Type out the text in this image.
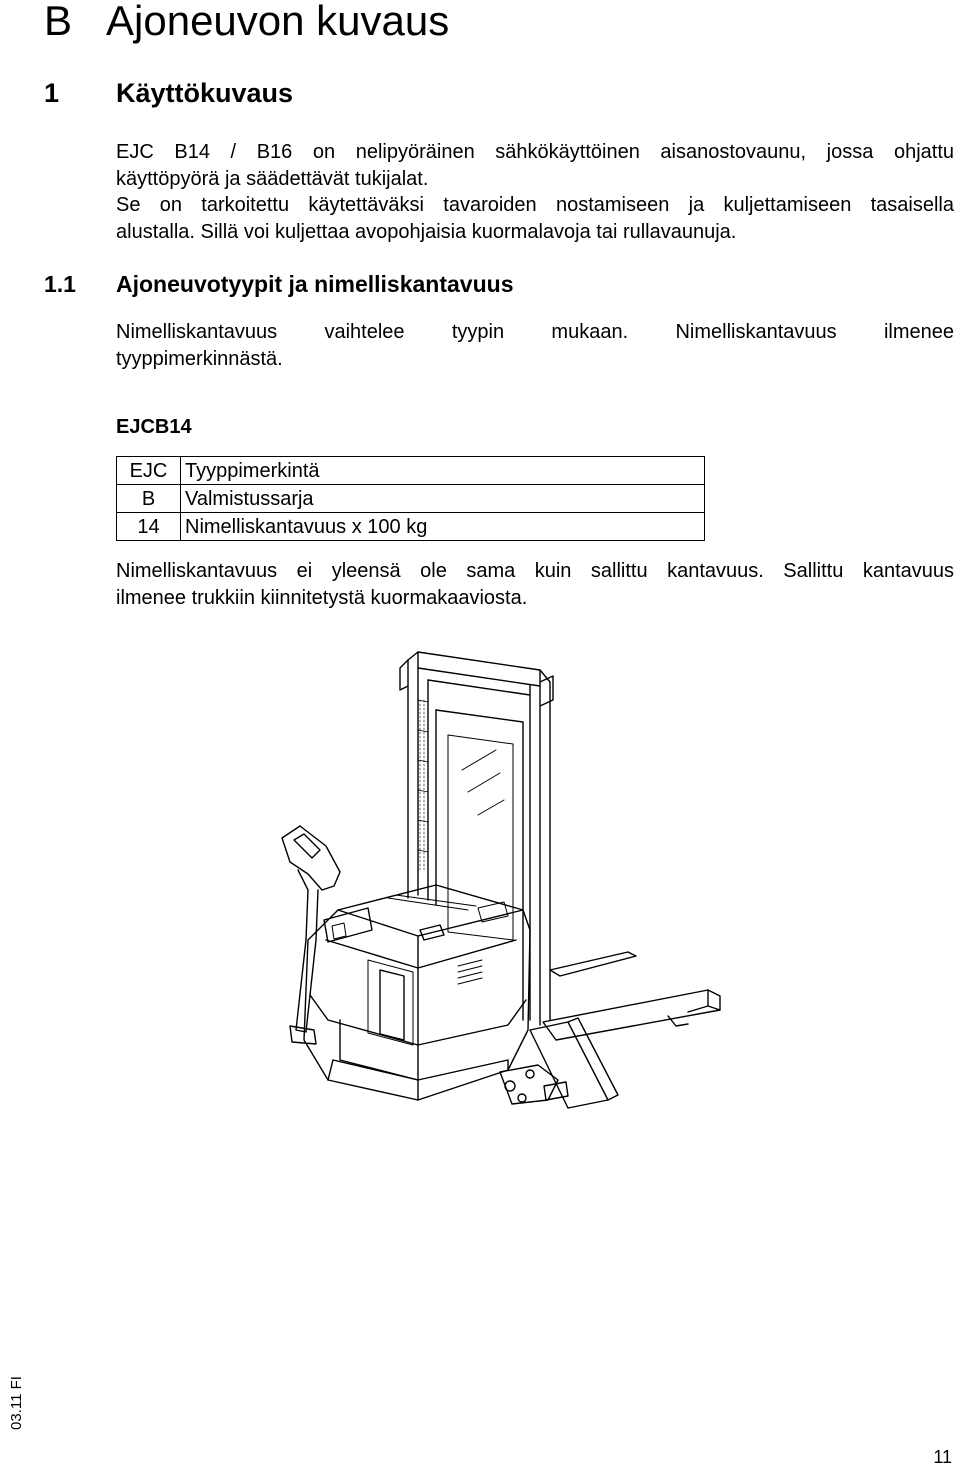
B Ajoneuvon kuvaus
1	Käyttökuvaus
EJC B14 / B16 on nelipyöräinen sähkökäyttöinen aisanostovaunu, jossa ohjattu
käyttöpyörä ja säädettävät tukijalat.
Se on tarkoitettu käytettäväksi tavaroiden nostamiseen ja kuljettamiseen tasaisella
alustalla. Sillä voi kuljettaa avopohjaisia kuormalavoja tai rullavaunuja.
1.1	Ajoneuvotyypit ja nimelliskantavuus
Nimelliskantavuus vaihtelee tyypin mukaan. Nimelliskantavuus ilmenee
tyyppimerkinnästä.

EJCB14

EJC	Tyyppimerkintä
B	Valmistussarja
14	Nimelliskantavuus x 100 kg
Nimelliskantavuus ei yleensä ole sama kuin sallittu kantavuus. Sallittu kantavuus
ilmenee trukkiin kiinnitetystä kuormakaaviosta.
03.11 FI

11
